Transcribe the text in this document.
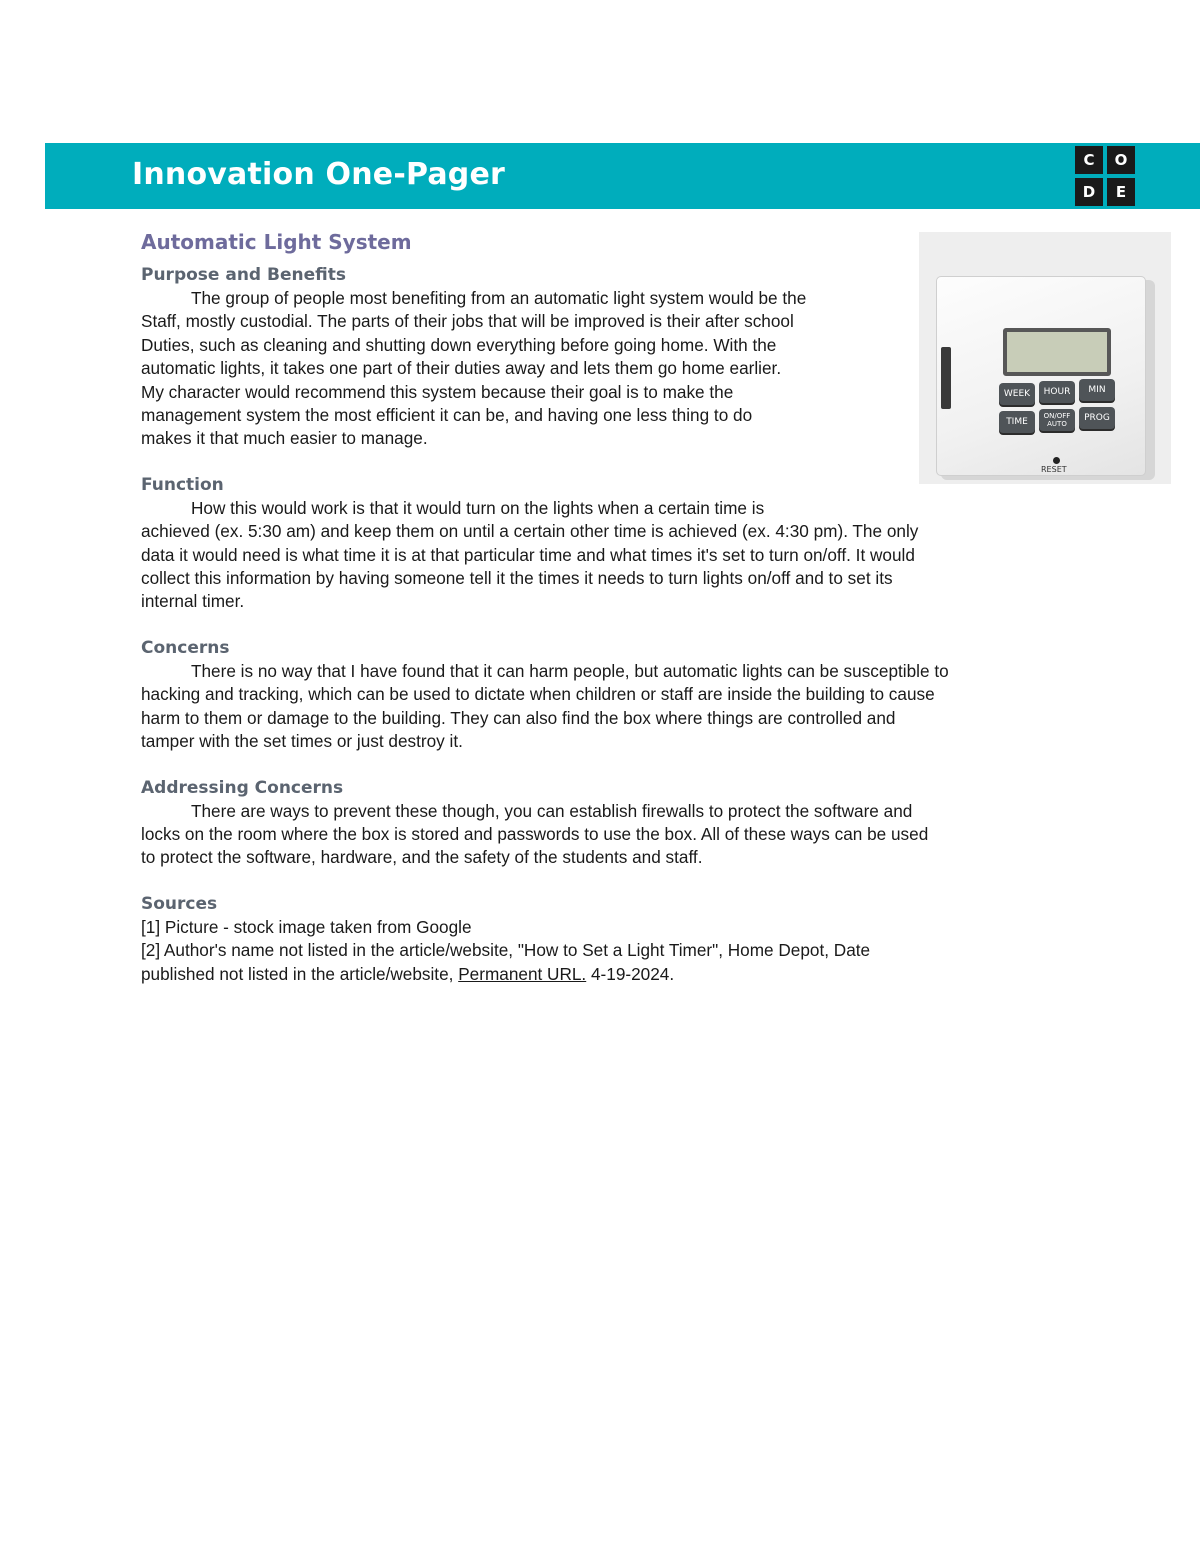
Innovation One-Pager	C	O
D	E
WEEK	HOUR	MIN
TIME
ON/OFF
AUTO
PROG
RESET
Automatic Light System

Purpose and Benefits

The group of people most benefiting from an automatic light system would be the

Staff, mostly custodial. The parts of their jobs that will be improved is their after school

Duties, such as cleaning and shutting down everything before going home. With the

automatic lights, it takes one part of their duties away and lets them go home earlier.

My character would recommend this system because their goal is to make the

management system the most efficient it can be, and having one less thing to do

makes it that much easier to manage.

Function

How this would work is that it would turn on the lights when a certain time is

achieved (ex. 5:30 am) and keep them on until a certain other time is achieved (ex. 4:30 pm). The only

data it would need is what time it is at that particular time and what times it's set to turn on/off. It would

collect this information by having someone tell it the times it needs to turn lights on/off and to set its

internal timer.

Concerns

There is no way that I have found that it can harm people, but automatic lights can be susceptible to

hacking and tracking, which can be used to dictate when children or staff are inside the building to cause

harm to them or damage to the building. They can also find the box where things are controlled and

tamper with the set times or just destroy it.

Addressing Concerns

There are ways to prevent these though, you can establish firewalls to protect the software and

locks on the room where the box is stored and passwords to use the box. All of these ways can be used

to protect the software, hardware, and the safety of the students and staff.

Sources

[1] Picture - stock image taken from Google

[2] Author's name not listed in the article/website, "How to Set a Light Timer", Home Depot, Date

published not listed in the article/website, Permanent URL. 4-19-2024.
